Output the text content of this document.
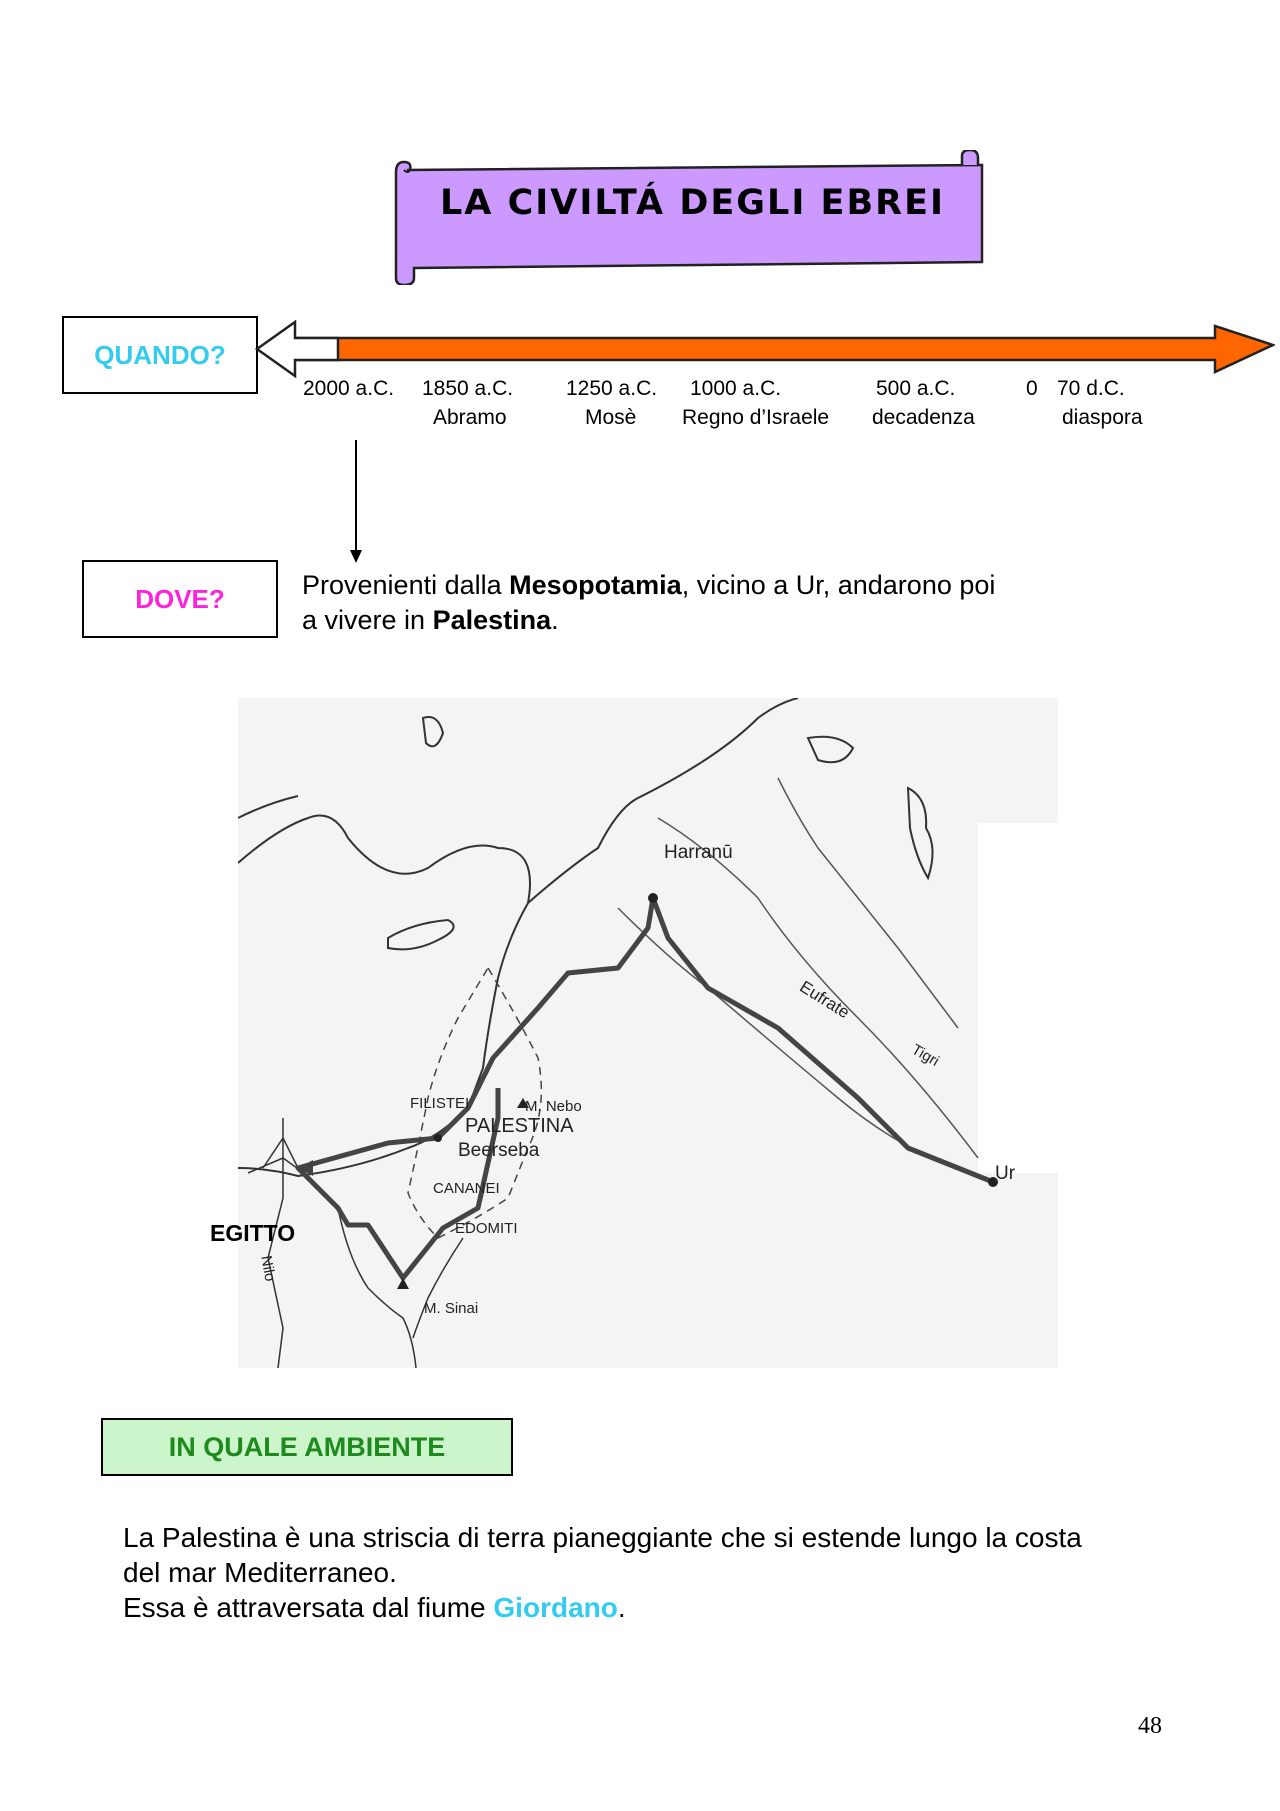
LA CIVILTÁ DEGLI EBREI
QUANDO?
2000 a.C. 1850 a.C.	1250 a.C. 1000 a.C.	500 a.C.	0 70 d.C.
Abramo	Mosè Regno d’Israele decadenza	diaspora
DOVE?	Provenienti dalla Mesopotamia, vicino a Ur, andarono poi
a vivere in Palestina.
Harranū
Eufrate
Tigri
Ur
FILISTEI	M. Nebo
PALESTINA
Beerseba
CANANEI
EDOMITI
M. Sinai
Nilo
EGITTO
IN QUALE AMBIENTE

La Palestina è una striscia di terra pianeggiante che si estende lungo la costa

del mar Mediterraneo.

Essa è attraversata dal fiume Giordano.

48
